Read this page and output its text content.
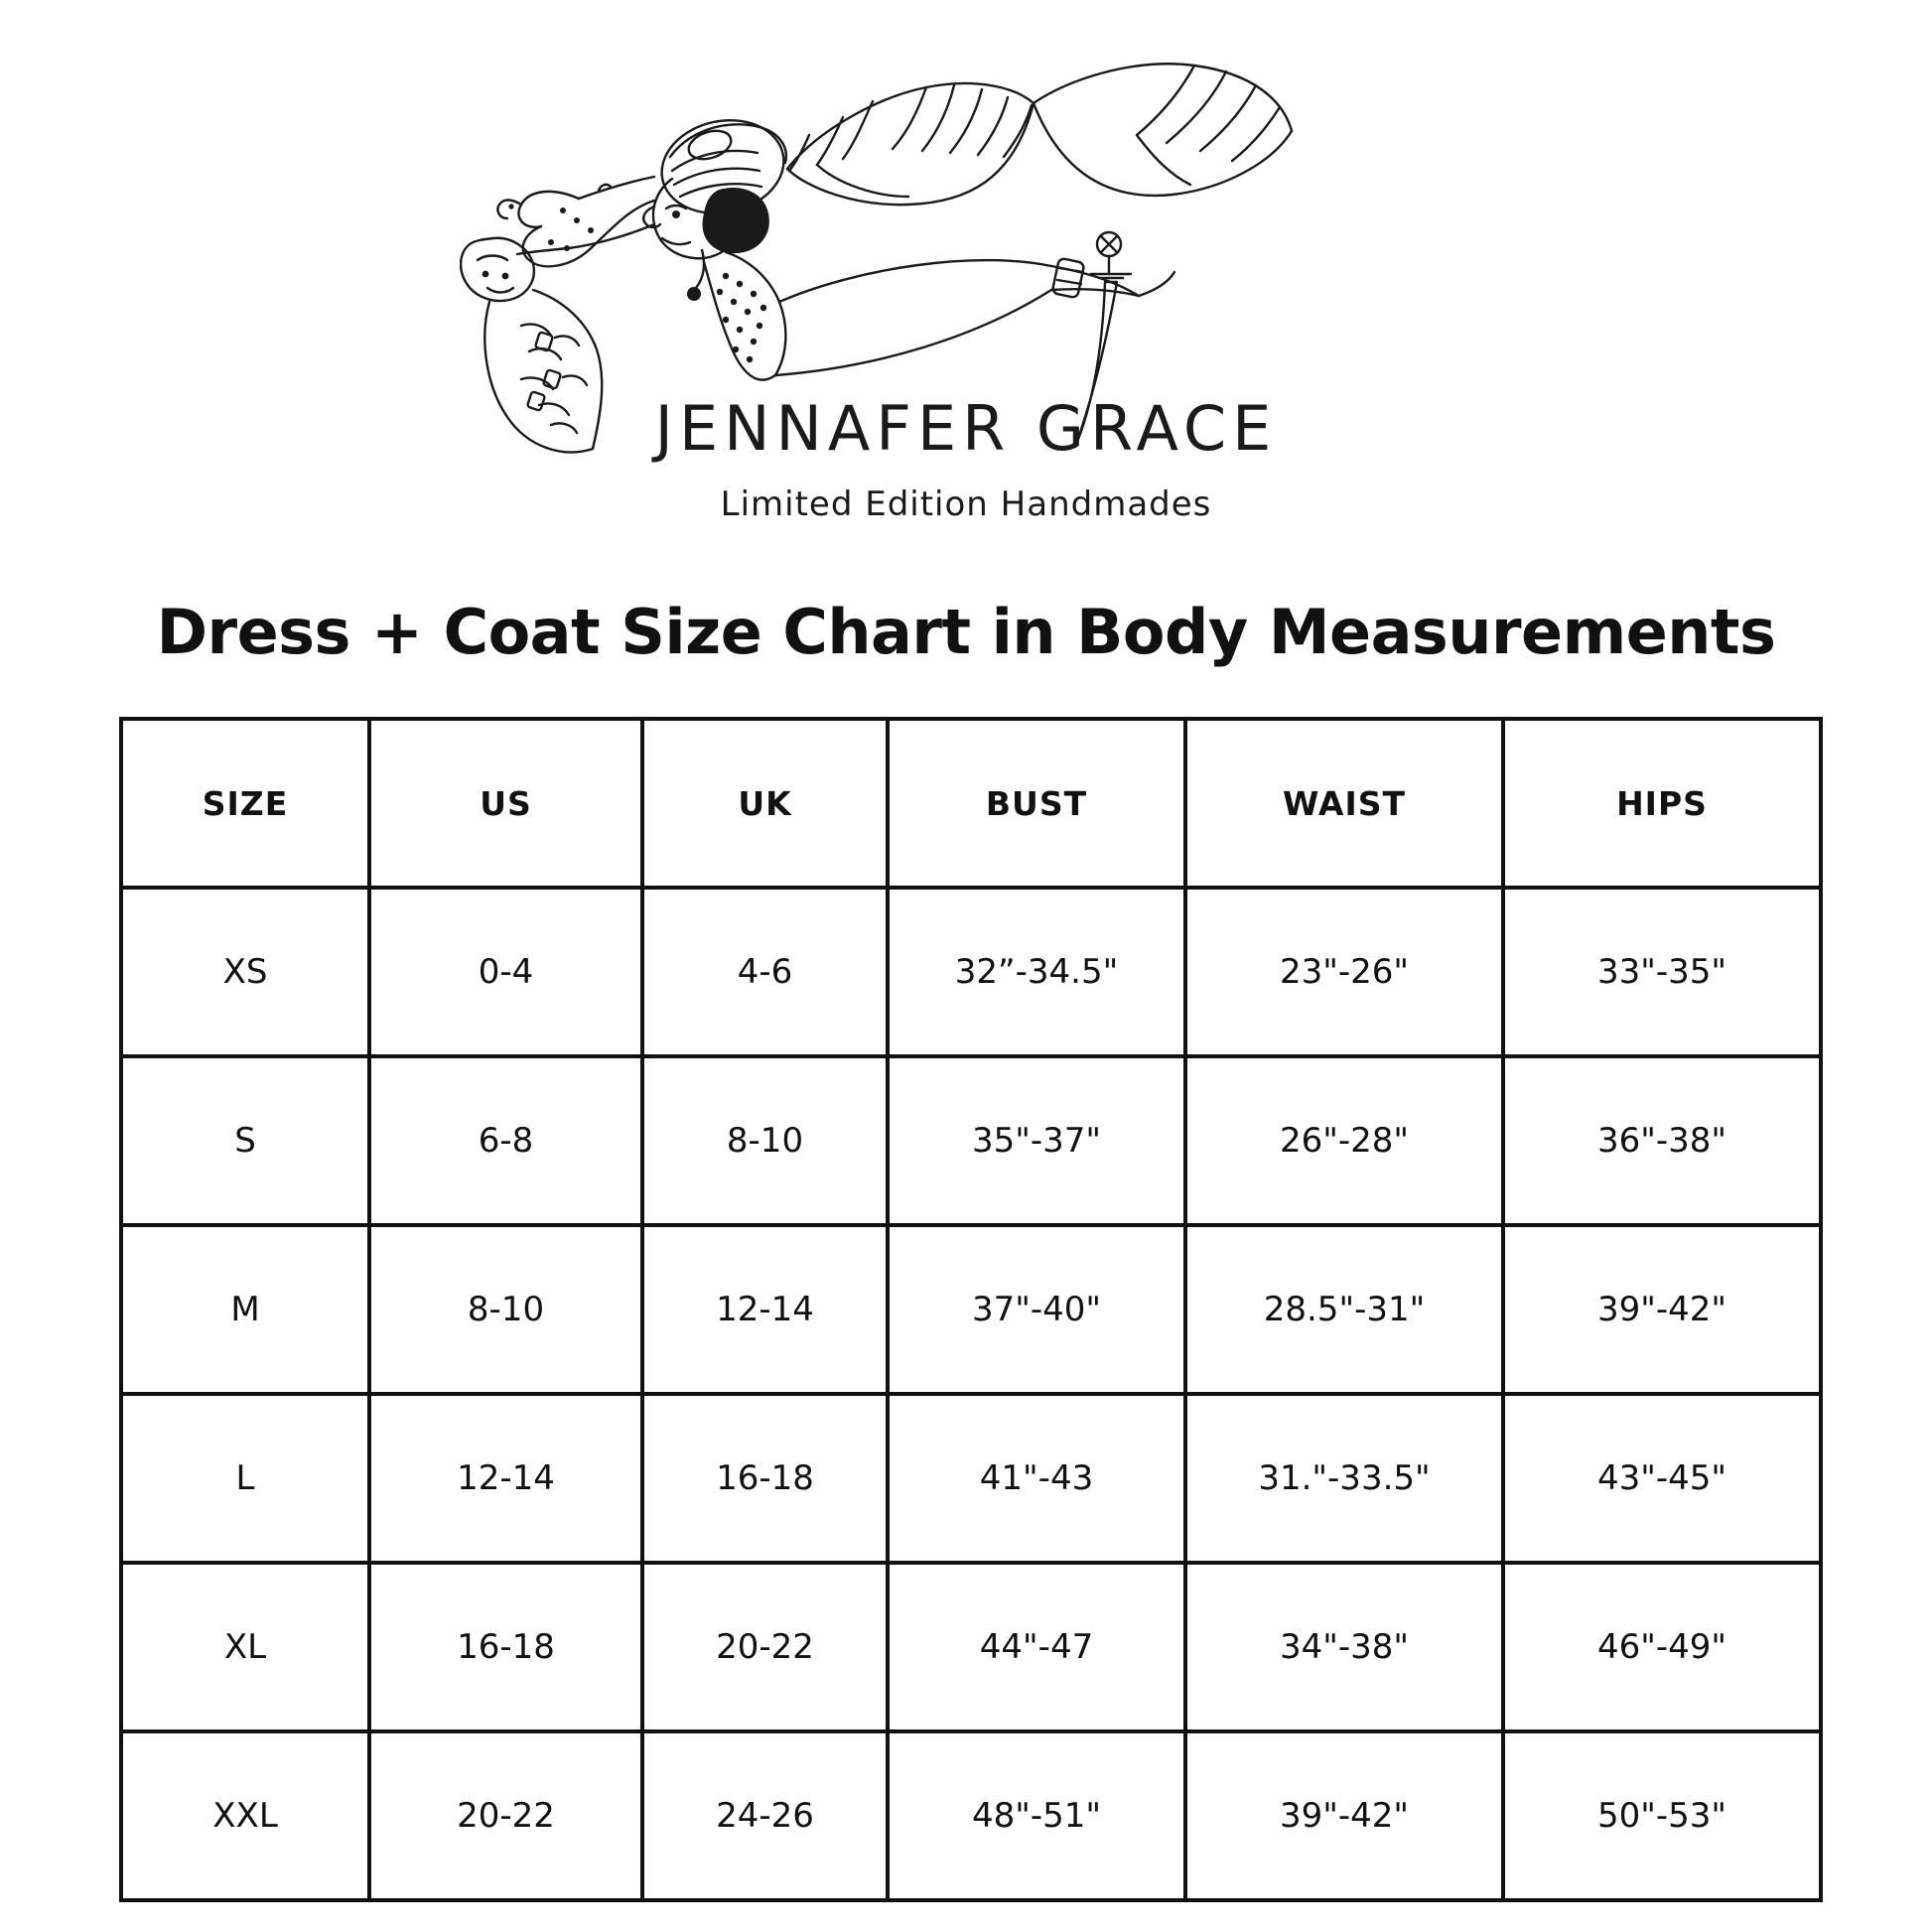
JENNAFER GRACE
Limited Edition Handmades
Dress + Coat Size Chart in Body Measurements
SIZE	US	UK	BUST	WAIST	HIPS
XS	0-4	4-6	32”-34.5"	23"-26"	33"-35"
S	6-8	8-10	35"-37"	26"-28"	36"-38"
M	8-10	12-14	37"-40"	28.5"-31"	39"-42"
L	12-14	16-18	41"-43	31."-33.5"	43"-45"
XL	16-18	20-22	44"-47	34"-38"	46"-49"
XXL	20-22	24-26	48"-51"	39"-42"	50"-53"
